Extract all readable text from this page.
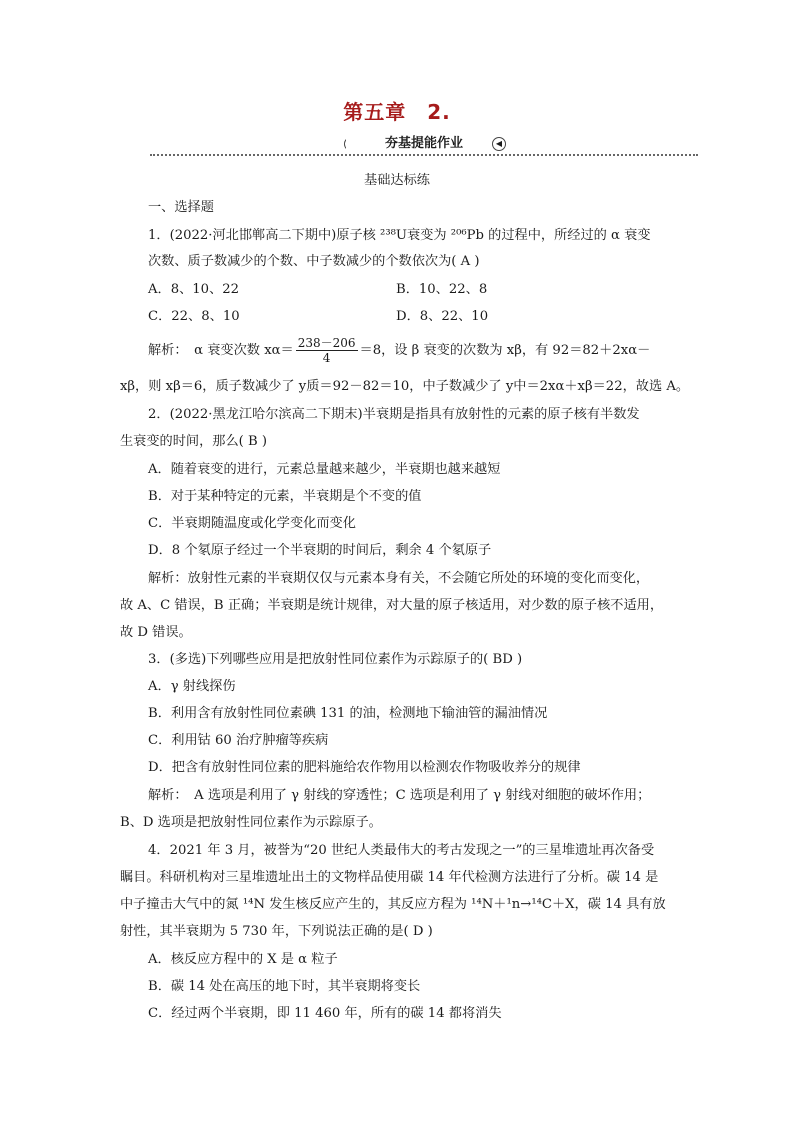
第五章　2.
夯基提能作业	◀
基础达标练
一、选择题
1．(2022·河北邯郸高二下期中)原子核 ²³⁸U衰变为 ²⁰⁶Pb 的过程中，所经过的 α 衰变
次数、质子数减少的个数、中子数减少的个数依次为( A )
A．8、10、22	B．10、22、8
C．22、8、10	D．8、22、10
解析：　α 衰变次数 $x\alpha= \frac{238-206}{4} =8$，设 β 衰变的次数为 xβ，有 92＝82＋2xα－
xβ，则 xβ＝6，质子数减少了 y质＝92－82＝10，中子数减少了 y中＝2xα＋xβ＝22，故选 A。
2．(2022·黑龙江哈尔滨高二下期末)半衰期是指具有放射性的元素的原子核有半数发
生衰变的时间，那么( B )
A．随着衰变的进行，元素总量越来越少，半衰期也越来越短
B．对于某种特定的元素，半衰期是个不变的值
C．半衰期随温度或化学变化而变化
D．8 个氡原子经过一个半衰期的时间后，剩余 4 个氡原子
解析：放射性元素的半衰期仅仅与元素本身有关，不会随它所处的环境的变化而变化，
故 A、C 错误，B 正确；半衰期是统计规律，对大量的原子核适用，对少数的原子核不适用，
故 D 错误。
3．(多选)下列哪些应用是把放射性同位素作为示踪原子的( BD )
A．γ 射线探伤
B．利用含有放射性同位素碘 131 的油，检测地下输油管的漏油情况
C．利用钴 60 治疗肿瘤等疾病
D．把含有放射性同位素的肥料施给农作物用以检测农作物吸收养分的规律
解析：　A 选项是利用了 γ 射线的穿透性；C 选项是利用了 γ 射线对细胞的破坏作用；
B、D 选项是把放射性同位素作为示踪原子。
4．2021 年 3 月，被誉为“20 世纪人类最伟大的考古发现之一”的三星堆遗址再次备受
瞩目。科研机构对三星堆遗址出土的文物样品使用碳 14 年代检测方法进行了分析。碳 14 是
中子撞击大气中的氮 ¹⁴N 发生核反应产生的，其反应方程为 ¹⁴N＋¹n→¹⁴C＋X，碳 14 具有放
射性，其半衰期为 5 730 年，下列说法正确的是( D )
A．核反应方程中的 X 是 α 粒子
B．碳 14 处在高压的地下时，其半衰期将变长
C．经过两个半衰期，即 11 460 年，所有的碳 14 都将消失
